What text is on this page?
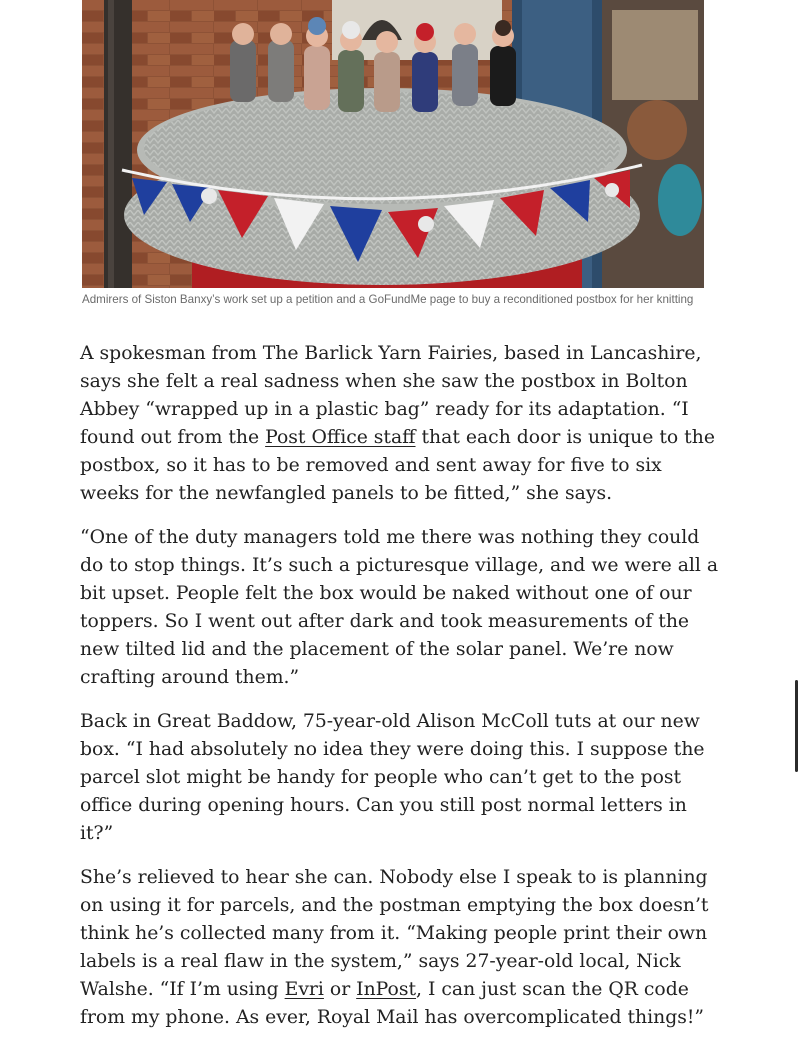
Admirers of Siston Banxy’s work set up a petition and a GoFundMe page to buy a reconditioned postbox for her knitting

A spokesman from The Barlick Yarn Fairies, based in Lancashire, says she felt a real sadness when she saw the postbox in Bolton Abbey “wrapped up in a plastic bag” ready for its adaptation. “I found out from the Post Office staff that each door is unique to the postbox, so it has to be removed and sent away for five to six weeks for the newfangled panels to be fitted,” she says.

“One of the duty managers told me there was nothing they could do to stop things. It’s such a picturesque village, and we were all a bit upset. People felt the box would be naked without one of our toppers. So I went out after dark and took measurements of the new tilted lid and the placement of the solar panel. We’re now crafting around them.”

Back in Great Baddow, 75-year-old Alison McColl tuts at our new box. “I had absolutely no idea they were doing this. I suppose the parcel slot might be handy for people who can’t get to the post office during opening hours. Can you still post normal letters in it?”

She’s relieved to hear she can. Nobody else I speak to is planning on using it for parcels, and the postman emptying the box doesn’t think he’s collected many from it. “Making people print their own labels is a real flaw in the system,” says 27-year-old local, Nick Walshe. “If I’m using Evri or InPost, I can just scan the QR code from my phone. As ever, Royal Mail has overcomplicated things!”
